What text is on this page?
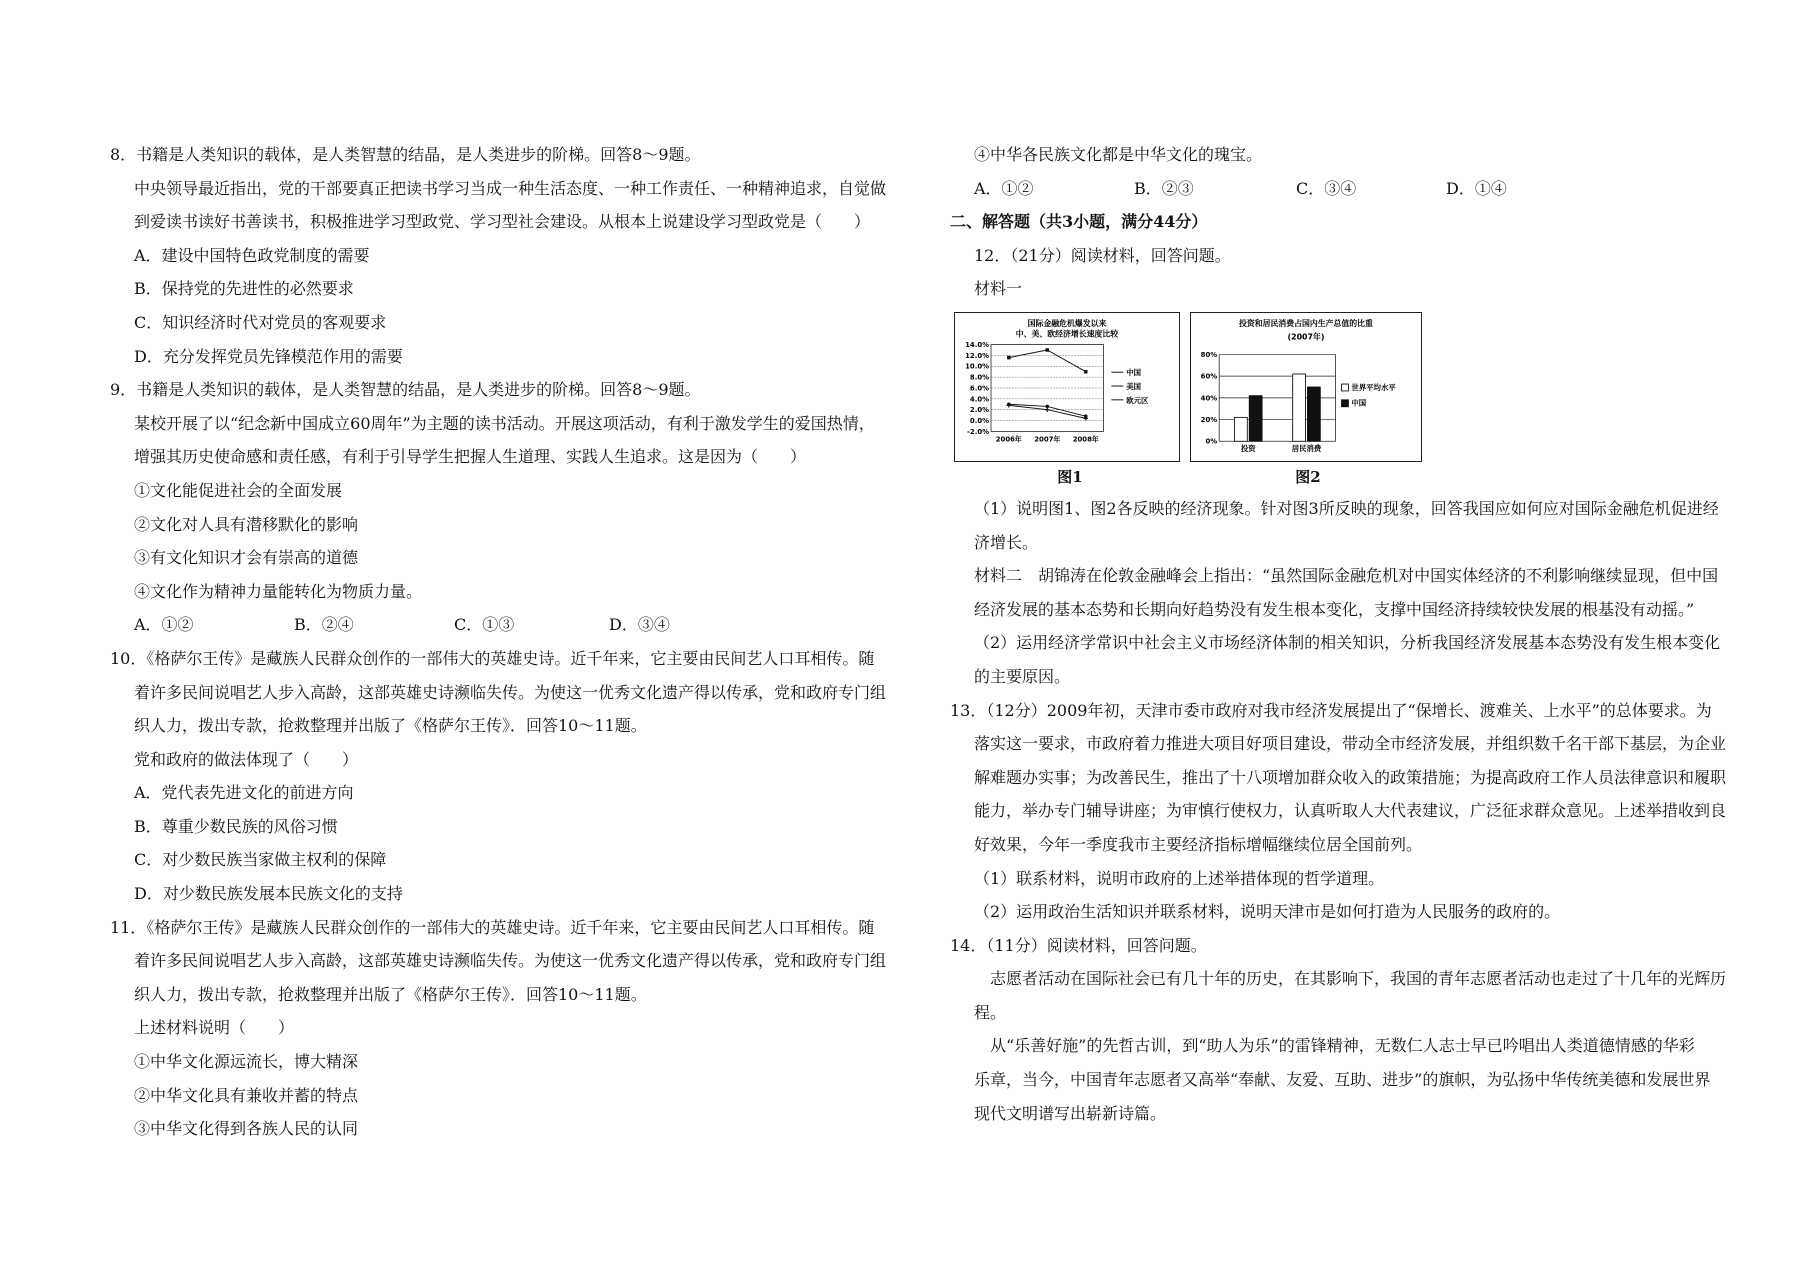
8．书籍是人类知识的载体，是人类智慧的结晶，是人类进步的阶梯。回答8～9题。
中央领导最近指出，党的干部要真正把读书学习当成一种生活态度、一种工作责任、一种精神追求，自觉做
到爱读书读好书善读书，积极推进学习型政党、学习型社会建设。从根本上说建设学习型政党是（　　）
A．建设中国特色政党制度的需要
B．保持党的先进性的必然要求
C．知识经济时代对党员的客观要求
D．充分发挥党员先锋模范作用的需要
9．书籍是人类知识的载体，是人类智慧的结晶，是人类进步的阶梯。回答8～9题。
某校开展了以“纪念新中国成立60周年”为主题的读书活动。开展这项活动，有利于激发学生的爱国热情，
增强其历史使命感和责任感，有利于引导学生把握人生道理、实践人生追求。这是因为（　　）
①文化能促进社会的全面发展
②文化对人具有潜移默化的影响
③有文化知识才会有崇高的道德
④文化作为精神力量能转化为物质力量。
A．①②	B．②④	C．①③	D．③④
10．《格萨尔王传》是藏族人民群众创作的一部伟大的英雄史诗。近千年来，它主要由民间艺人口耳相传。随
着许多民间说唱艺人步入高龄，这部英雄史诗濒临失传。为使这一优秀文化遗产得以传承，党和政府专门组
织人力，拨出专款，抢救整理并出版了《格萨尔王传》．回答10～11题。
党和政府的做法体现了（　　）
A．党代表先进文化的前进方向
B．尊重少数民族的风俗习惯
C．对少数民族当家做主权利的保障
D．对少数民族发展本民族文化的支持
11．《格萨尔王传》是藏族人民群众创作的一部伟大的英雄史诗。近千年来，它主要由民间艺人口耳相传。随
着许多民间说唱艺人步入高龄，这部英雄史诗濒临失传。为使这一优秀文化遗产得以传承，党和政府专门组
织人力，拨出专款，抢救整理并出版了《格萨尔王传》．回答10～11题。
上述材料说明（　　）
①中华文化源远流长，博大精深
②中华文化具有兼收并蓄的特点
③中华文化得到各族人民的认同
④中华各民族文化都是中华文化的瑰宝。
A．①②	B．②③	C．③④	D．①④
二、解答题（共3小题，满分44分）
12．（21分）阅读材料，回答问题。
材料一
国际金融危机爆发以来
中、美、欧经济增长速度比较
14.0%
12.0%
10.0%
8.0%
6.0%
4.0%
2.0%
0.0%
-2.0%
2006年 2007年 2008年
中国
美国
欧元区
投资和居民消费占国内生产总值的比重
(2007年)
80%
60%
40%
20%
0%
投资	居民消费
世界平均水平
中国
图1	图2
（1）说明图1、图2各反映的经济现象。针对图3所反映的现象，回答我国应如何应对国际金融危机促进经
济增长。
材料二　胡锦涛在伦敦金融峰会上指出：“虽然国际金融危机对中国实体经济的不利影响继续显现，但中国
经济发展的基本态势和长期向好趋势没有发生根本变化，支撑中国经济持续较快发展的根基没有动摇。”
（2）运用经济学常识中社会主义市场经济体制的相关知识，分析我国经济发展基本态势没有发生根本变化
的主要原因。
13．（12分）2009年初，天津市委市政府对我市经济发展提出了“保增长、渡难关、上水平”的总体要求。为
落实这一要求，市政府着力推进大项目好项目建设，带动全市经济发展，并组织数千名干部下基层，为企业
解难题办实事；为改善民生，推出了十八项增加群众收入的政策措施；为提高政府工作人员法律意识和履职
能力，举办专门辅导讲座；为审慎行使权力，认真听取人大代表建议，广泛征求群众意见。上述举措收到良
好效果，今年一季度我市主要经济指标增幅继续位居全国前列。
（1）联系材料，说明市政府的上述举措体现的哲学道理。
（2）运用政治生活知识并联系材料，说明天津市是如何打造为人民服务的政府的。
14．（11分）阅读材料，回答问题。
志愿者活动在国际社会已有几十年的历史，在其影响下，我国的青年志愿者活动也走过了十几年的光辉历
程。
从“乐善好施”的先哲古训，到“助人为乐”的雷锋精神，无数仁人志士早已吟唱出人类道德情感的华彩
乐章，当今，中国青年志愿者又高举“奉献、友爱、互助、进步”的旗帜，为弘扬中华传统美德和发展世界
现代文明谱写出崭新诗篇。
